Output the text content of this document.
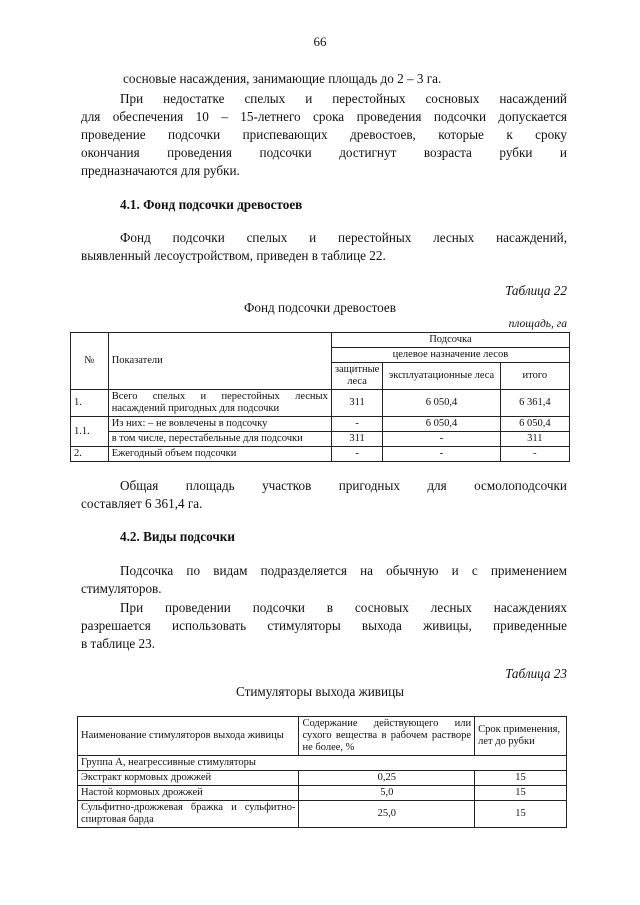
66
сосновые насаждения, занимающие площадь до 2 – 3 га.
При недостатке спелых и перестойных сосновых насаждений
для обеспечения 10 – 15-летнего срока проведения подсочки допускается
проведение подсочки приспевающих древостоев, которые к сроку
окончания проведения подсочки достигнут возраста рубки и
предназначаются для рубки.
4.1. Фонд подсочки древостоев
Фонд подсочки спелых и перестойных лесных насаждений,
выявленный лесоустройством, приведен в таблице 22.
Таблица 22
Фонд подсочки древостоев
площадь, га
№	Показатели	Подсочка		
		целевое назначение лесов		
		защитные леса	эксплуатационные леса	итого
1.	Всего спелых и перестойных лесных насаждений пригодных для подсочки	311	6 050,4	6 361,4
1.1.	Из них: – не вовлечены в подсочку	-	6 050,4	6 050,4
	в том числе, перестабельные для подсочки	311	-	311
2.	Ежегодный объем подсочки	-	-	-
Общая площадь участков пригодных для осмолоподсочки
составляет 6 361,4 га.
4.2. Виды подсочки
Подсочка по видам подразделяется на обычную и с применением
стимуляторов.
При проведении подсочки в сосновых лесных насаждениях
разрешается использовать стимуляторы выхода живицы, приведенные
в таблице 23.
Таблица 23
Стимуляторы выхода живицы
Наименование стимуляторов выхода живицы	Содержание действующего или сухого вещества в рабочем растворе не более, %	Срок применения, лет до рубки
Группа А, неагрессивные стимуляторы		
Экстракт кормовых дрожжей	0,25	15
Настой кормовых дрожжей	5,0	15
Сульфитно-дрожжевая бражка и сульфитно-спиртовая барда	25,0	15
